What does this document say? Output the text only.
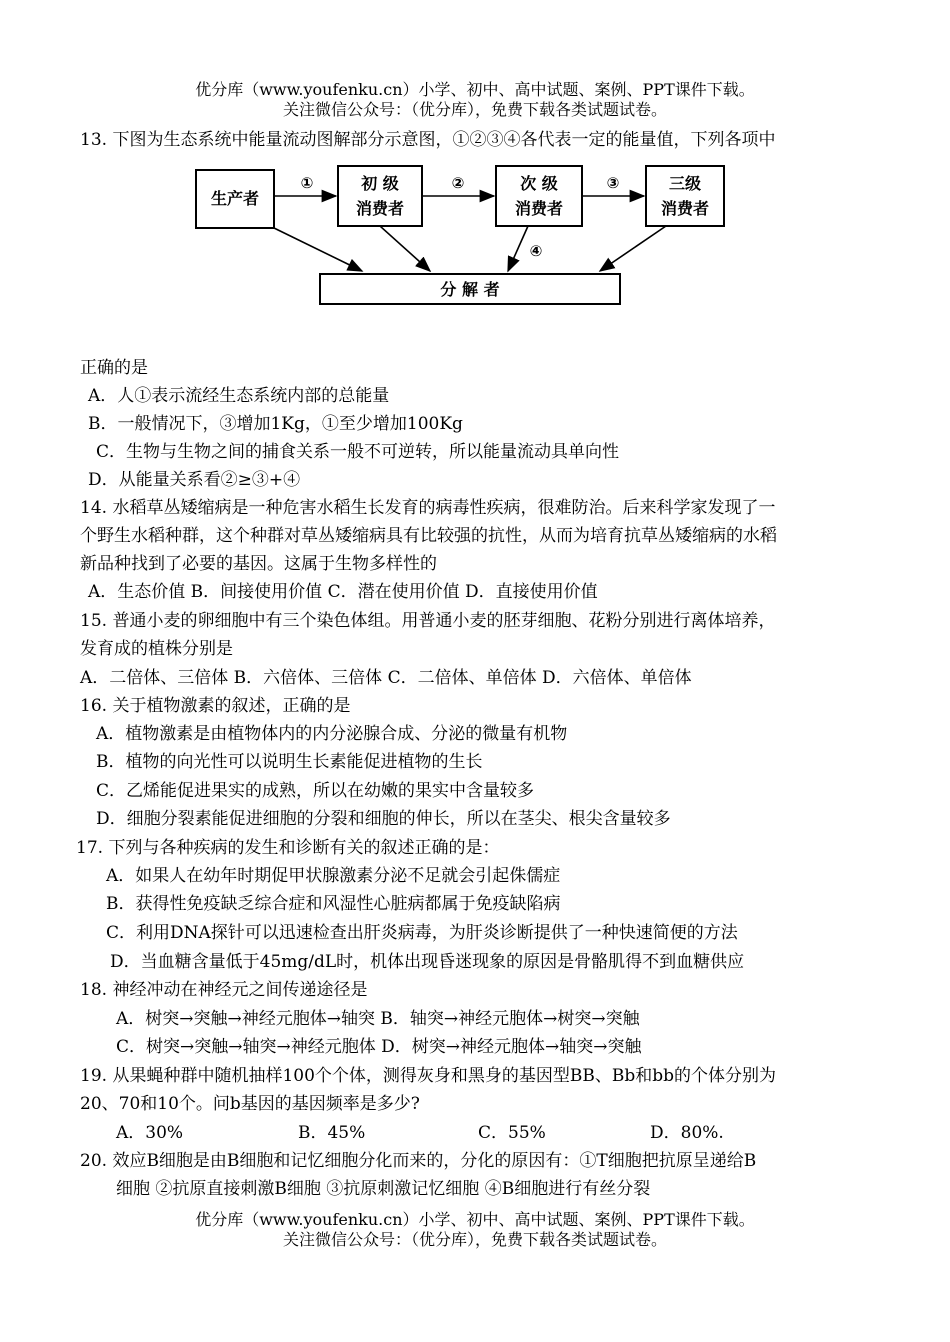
优分库（www.youfenku.cn）小学、初中、高中试题、案例、PPT课件下载。
关注微信公众号：（优分库），免费下载各类试题试卷。
13. 下图为生态系统中能量流动图解部分示意图，①②③④各代表一定的能量值，下列各项中
生产者
初 级
消费者
次 级
消费者
三级
消费者
分 解 者
①	②	③
④
正确的是
A．人①表示流经生态系统内部的总能量
B．一般情况下，③增加1Kg，①至少增加100Kg
C．生物与生物之间的捕食关系一般不可逆转，所以能量流动具单向性
D．从能量关系看②≥③+④
14. 水稻草丛矮缩病是一种危害水稻生长发育的病毒性疾病，很难防治。后来科学家发现了一
个野生水稻种群，这个种群对草丛矮缩病具有比较强的抗性，从而为培育抗草丛矮缩病的水稻
新品种找到了必要的基因。这属于生物多样性的
A．生态价值 B．间接使用价值 C．潜在使用价值 D．直接使用价值
15. 普通小麦的卵细胞中有三个染色体组。用普通小麦的胚芽细胞、花粉分别进行离体培养，
发育成的植株分别是
A．二倍体、三倍体 B．六倍体、三倍体 C．二倍体、单倍体 D．六倍体、单倍体
16. 关于植物激素的叙述，正确的是
A．植物激素是由植物体内的内分泌腺合成、分泌的微量有机物
B．植物的向光性可以说明生长素能促进植物的生长
C．乙烯能促进果实的成熟，所以在幼嫩的果实中含量较多
D．细胞分裂素能促进细胞的分裂和细胞的伸长，所以在茎尖、根尖含量较多
17. 下列与各种疾病的发生和诊断有关的叙述正确的是：
A．如果人在幼年时期促甲状腺激素分泌不足就会引起侏儒症
B．获得性免疫缺乏综合症和风湿性心脏病都属于免疫缺陷病
C．利用DNA探针可以迅速检查出肝炎病毒，为肝炎诊断提供了一种快速简便的方法
D．当血糖含量低于45mg/dL时，机体出现昏迷现象的原因是骨骼肌得不到血糖供应
18. 神经冲动在神经元之间传递途径是
A．树突→突触→神经元胞体→轴突 B．轴突→神经元胞体→树突→突触
C．树突→突触→轴突→神经元胞体 D．树突→神经元胞体→轴突→突触
19. 从果蝇种群中随机抽样100个个体，测得灰身和黑身的基因型BB、Bb和bb的个体分别为
20、70和10个。问b基因的基因频率是多少?
A．30%	B．45%	C．55%	D．80%.
20. 效应B细胞是由B细胞和记忆细胞分化而来的，分化的原因有：①T细胞把抗原呈递给B
细胞 ②抗原直接刺激B细胞 ③抗原刺激记忆细胞 ④B细胞进行有丝分裂
优分库（www.youfenku.cn）小学、初中、高中试题、案例、PPT课件下载。
关注微信公众号：（优分库），免费下载各类试题试卷。
